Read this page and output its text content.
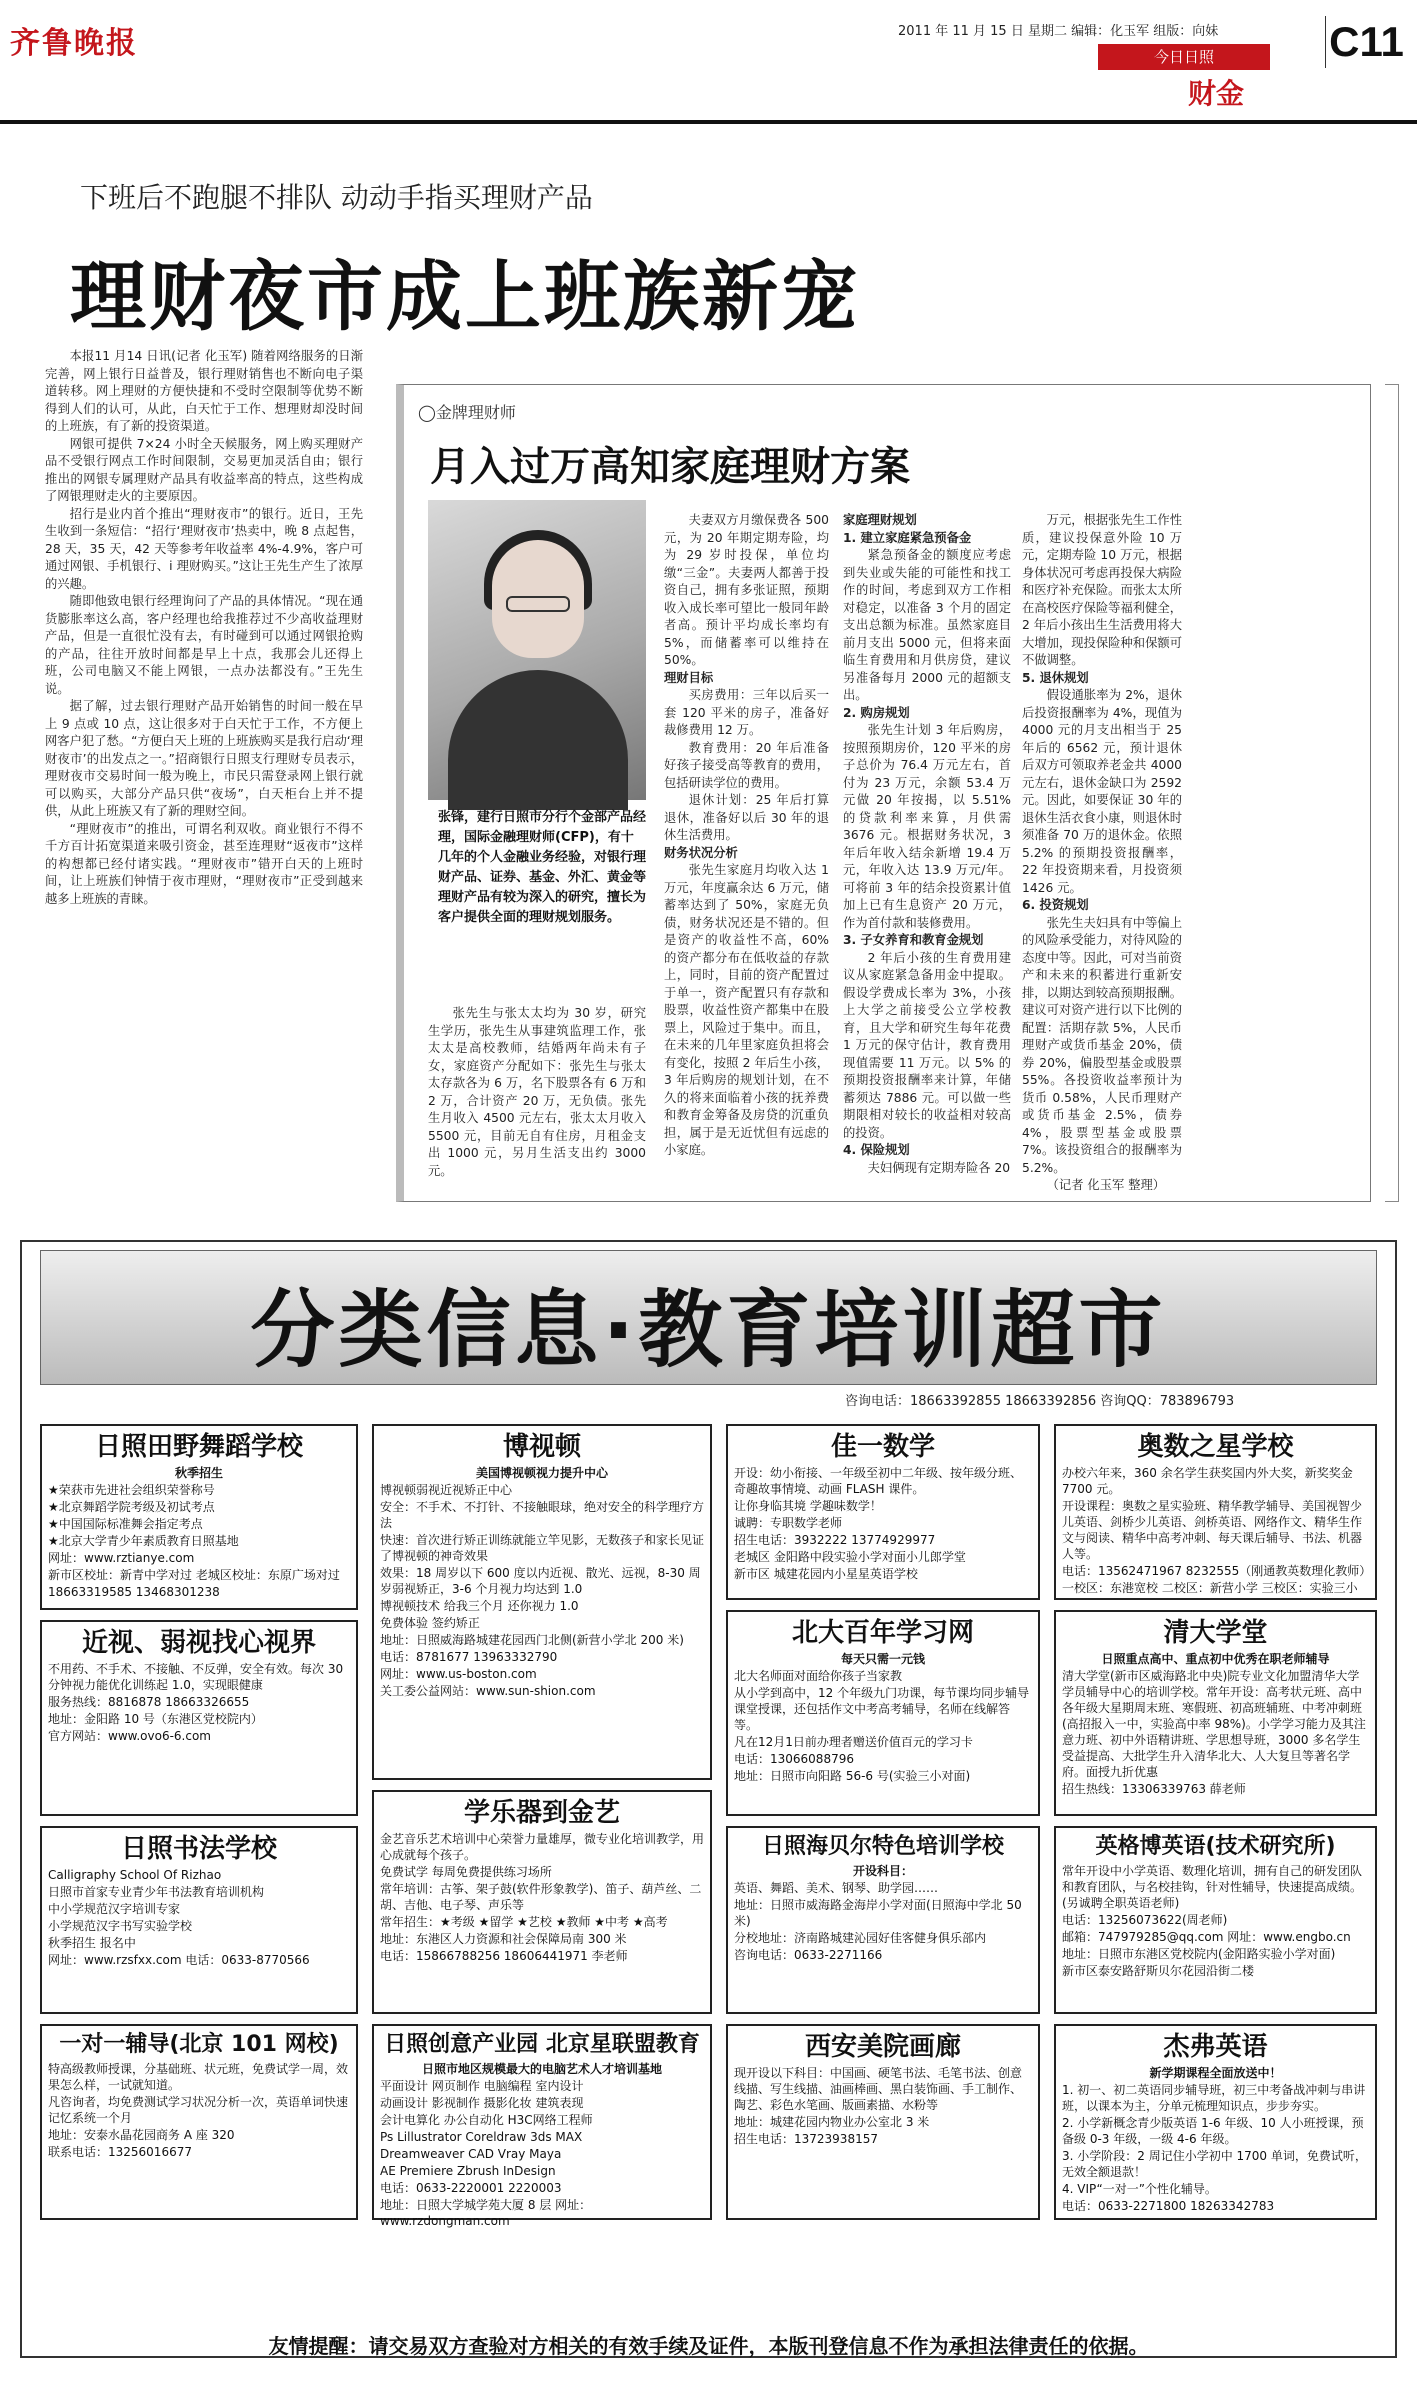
齐鲁晚报	2011 年 11 月 15 日 星期二 编辑：化玉军 组版：向妹	C11
今日日照
财金
下班后不跑腿不排队 动动手指买理财产品
理财夜市成上班族新宠

本报11 月14 日讯(记者 化玉军) 随着网络服务的日渐完善，网上银行日益普及，银行理财销售也不断向电子渠道转移。网上理财的方便快捷和不受时空限制等优势不断得到人们的认可，从此，白天忙于工作、想理财却没时间的上班族，有了新的投资渠道。

网银可提供 7×24 小时全天候服务，网上购买理财产品不受银行网点工作时间限制，交易更加灵活自由；银行推出的网银专属理财产品具有收益率高的特点，这些构成了网银理财走火的主要原因。

招行是业内首个推出“理财夜市”的银行。近日，王先生收到一条短信：“招行‘理财夜市’热卖中，晚 8 点起售，28 天，35 天，42 天等参考年收益率 4%-4.9%，客户可通过网银、手机银行、i 理财购买。”这让王先生产生了浓厚的兴趣。

随即他致电银行经理询问了产品的具体情况。“现在通货膨胀率这么高，客户经理也给我推荐过不少高收益理财产品，但是一直很忙没有去，有时碰到可以通过网银抢购的产品，往往开放时间都是早上十点，我那会儿还得上班，公司电脑又不能上网银，一点办法都没有。”王先生说。

据了解，过去银行理财产品开始销售的时间一般在早上 9 点或 10 点，这让很多对于白天忙于工作，不方便上网客户犯了愁。“方便白天上班的上班族购买是我行启动‘理财夜市’的出发点之一。”招商银行日照支行理财专员表示，理财夜市交易时间一般为晚上，市民只需登录网上银行就可以购买，大部分产品只供“夜场”，白天柜台上并不提供，从此上班族又有了新的理财空间。

“理财夜市”的推出，可谓名利双收。商业银行不得不千方百计拓宽渠道来吸引资金，甚至连理财“返夜市”这样的构想都已经付诸实践。“理财夜市”错开白天的上班时间，让上班族们钟情于夜市理财，“理财夜市”正受到越来越多上班族的青睐。

◯金牌理财师
月入过万高知家庭理财方案
张锋，建行日照市分行个金部产品经理，国际金融理财师(CFP)，有十几年的个人金融业务经验，对银行理财产品、证券、基金、外汇、黄金等理财产品有较为深入的研究，擅长为客户提供全面的理财规划服务。

张先生与张太太均为 30 岁，研究生学历，张先生从事建筑监理工作，张太太是高校教师，结婚两年尚未有子女，家庭资产分配如下：张先生与张太太存款各为 6 万，名下股票各有 6 万和 2 万，合计资产 20 万，无负债。张先生月收入 4500 元左右，张太太月收入 5500 元，目前无自有住房，月租金支出 1000 元，另月生活支出约 3000 元。

夫妻双方月缴保费各 500 元，为 20 年期定期寿险，均为 29 岁时投保，单位均缴“三金”。夫妻两人都善于投资自己，拥有多张证照，预期收入成长率可望比一般同年龄者高。预计平均成长率均有 5%，而储蓄率可以维持在 50%。

理财目标

买房费用：三年以后买一套 120 平米的房子，准备好裁修费用 12 万。

教育费用：20 年后准备好孩子接受高等教育的费用，包括研读学位的费用。

退休计划：25 年后打算退休，准备好以后 30 年的退休生活费用。

财务状况分析

张先生家庭月均收入达 1 万元，年度赢余达 6 万元，储蓄率达到了 50%，家庭无负债，财务状况还是不错的。但是资产的收益性不高，60% 的资产都分布在低收益的存款上，同时，目前的资产配置过于单一，资产配置只有存款和股票，收益性资产都集中在股票上，风险过于集中。而且，在未来的几年里家庭负担将会有变化，按照 2 年后生小孩，3 年后购房的规划计划，在不久的将来面临着小孩的抚养费和教育金筹备及房贷的沉重负担，属于是无近忧但有远虑的小家庭。

家庭理财规划

1. 建立家庭紧急预备金

紧急预备金的额度应考虑到失业或失能的可能性和找工作的时间，考虑到双方工作相对稳定，以准备 3 个月的固定支出总额为标准。虽然家庭目前月支出 5000 元，但将来面临生育费用和月供房贷，建议另准备每月 2000 元的超额支出。

2. 购房规划

张先生计划 3 年后购房，按照预期房价，120 平米的房子总价为 76.4 万元左右，首付为 23 万元，余额 53.4 万元做 20 年按揭，以 5.51% 的贷款利率来算，月供需 3676 元。根据财务状况，3 年后年收入结余新增 19.4 万元，年收入达 13.9 万元/年。可将前 3 年的结余投资累计值加上已有生息资产 20 万元，作为首付款和装修费用。

3. 子女养育和教育金规划

2 年后小孩的生育费用建议从家庭紧急备用金中提取。假设学费成长率为 3%，小孩上大学之前接受公立学校教育，且大学和研究生每年花费 1 万元的保守估计，教育费用现值需要 11 万元。以 5% 的预期投资报酬率来计算，年储蓄须达 7886 元。可以做一些期限相对较长的收益相对较高的投资。

4. 保险规划

夫妇俩现有定期寿险各 20

万元，根据张先生工作性质，建议投保意外险 10 万元，定期寿险 10 万元，根据身体状况可考虑再投保大病险和医疗补充保险。而张太太所在高校医疗保险等福利健全，2 年后小孩出生生活费用将大大增加，现投保险种和保额可不做调整。

5. 退休规划

假设通胀率为 2%，退休后投资报酬率为 4%，现值为 4000 元的月支出相当于 25 年后的 6562 元，预计退休后双方可领取养老金共 4000 元左右，退休金缺口为 2592 元。因此，如要保证 30 年的退休生活衣食小康，则退休时须准备 70 万的退休金。依照 5.2% 的预期投资报酬率，22 年投资期来看，月投资须 1426 元。

6. 投资规划

张先生夫妇具有中等偏上的风险承受能力，对待风险的态度中等。因此，可对当前资产和未来的积蓄进行重新安排，以期达到较高预期报酬。建议可对资产进行以下比例的配置：活期存款 5%，人民币理财产或货币基金 20%，债券 20%，偏股型基金或股票 55%。各投资收益率预计为货币 0.58%，人民币理财产或货币基金 2.5%，债券 4%，股票型基金或股票 7%。该投资组合的报酬率为 5.2%。

（记者 化玉军 整理）

分类信息·教育培训超市
咨询电话：18663392855 18663392856 咨询QQ：783896793
日照田野舞蹈学校

秋季招生

★荣获市先进社会组织荣誉称号

★北京舞蹈学院考级及初试考点

★中国国际标准舞会指定考点

★北京大学青少年素质教育日照基地

网址：www.rztianye.com

新市区校址：新青中学对过 老城区校址：东原广场对过

18663319585 13468301238

博视顿

美国博视顿视力提升中心

博视顿弱视近视矫正中心

安全：不手术、不打针、不接触眼球，绝对安全的科学理疗方法

快速：首次进行矫正训练就能立竿见影，无数孩子和家长见证了博视顿的神奇效果

效果：18 周岁以下 600 度以内近视、散光、远视，8-30 周岁弱视矫正，3-6 个月视力均达到 1.0

博视顿技术 给我三个月 还你视力 1.0

免费体验 签约矫正

地址：日照威海路城建花园西门北侧(新营小学北 200 米)

电话：8781677 13963332790

网址：www.us-boston.com

关工委公益网站：www.sun-shion.com

佳一数学

开设：幼小衔接、一年级至初中二年级、按年级分班、奇趣故事情境、动画 FLASH 课件。

让你身临其境 学趣味数学！

诚聘：专职数学老师

招生电话：3932222 13774929977

老城区 金阳路中段实验小学对面小儿郎学堂

新市区 城建花园内小星星英语学校

奥数之星学校

办校六年来，360 余名学生获奖国内外大奖，新奖奖金 7700 元。

开设课程：奥数之星实验班、精华教学辅导、美国视智少儿英语、剑桥少儿英语、剑桥英语、网络作文、精华生作文与阅读、精华中高考冲刺、每天课后辅导、书法、机器人等。

电话：13562471967 8232555（刚通教英数理化教师）

一校区：东港宽校 二校区：新营小学 三校区：实验三小

近视、弱视找心视界

不用药、不手术、不接触、不反弹，安全有效。每次 30 分钟视力能优化训练起 1.0，实现眼健康

服务热线：8816878 18663326655

地址：金阳路 10 号（东港区党校院内）

官方网站：www.ovo6-6.com

北大百年学习网

每天只需一元钱

北大名师面对面给你孩子当家教

从小学到高中，12 个年级九门功课，每节课均同步辅导课堂授课，还包括作文中考高考辅导，名师在线解答等。

凡在12月1日前办理者赠送价值百元的学习卡

电话：13066088796

地址：日照市向阳路 56-6 号(实验三小对面)

清大学堂

日照重点高中、重点初中优秀在职老师辅导

清大学堂(新市区威海路北中央)院专业文化加盟清华大学学员辅导中心的培训学校。常年开设：高考状元班、高中各年级大星期周末班、寒假班、初高班辅班、中考冲刺班(高招报入一中，实验高中率 98%)。小学学习能力及其注意力班、初中外语精讲班、学思想导班，3000 多名学生受益提高、大批学生升入清华北大、人大复旦等著名学府。面授九折优惠

招生热线：13306339763 薛老师

日照书法学校

Calligraphy School Of Rizhao

日照市首家专业青少年书法教育培训机构

中小学规范汉字培训专家

小学规范汉字书写实验学校

秋季招生 报名中

网址：www.rzsfxx.com 电话：0633-8770566

学乐器到金艺

金艺音乐艺术培训中心荣誉力量雄厚，微专业化培训教学，用心成就每个孩子。

免费试学 每周免费提供练习场所

常年培训：古筝、架子鼓(软件形象教学)、笛子、葫芦丝、二胡、吉他、电子琴、声乐等

常年招生：★考级 ★留学 ★艺校 ★教师 ★中考 ★高考

地址：东港区人力资源和社会保障局南 300 米

电话：15866788256 18606441971 李老师

日照海贝尔特色培训学校

开设科目：

英语、舞蹈、美术、钢琴、助学园……

地址：日照市威海路金海岸小学对面(日照海中学北 50 米)

分校地址：济南路城建沁园好佳客健身俱乐部内

咨询电话：0633-2271166

英格博英语(技术研究所)

常年开设中小学英语、数理化培训，拥有自己的研发团队和教育团队，与名校挂钩，针对性辅导，快速提高成绩。(另诚聘全职英语老师)

电话：13256073622(周老师)

邮箱：747979285@qq.com 网址：www.engbo.cn

地址：日照市东港区党校院内(金阳路实验小学对面)

新市区泰安路舒斯贝尔花园沿街二楼

一对一辅导(北京 101 网校)

特高级教师授课，分基础班、状元班，免费试学一周，效果怎么样，一试就知道。

凡咨询者，均免费测试学习状况分析一次，英语单词快速记忆系统一个月

地址：安泰水晶花园商务 A 座 320

联系电话：13256016677

日照创意产业园 北京星联盟教育

日照市地区规模最大的电脑艺术人才培训基地

平面设计 网页制作 电脑编程 室内设计

动画设计 影视制作 摄影化妆 建筑表现

会计电算化 办公自动化 H3C网络工程师

Ps Lillustrator Coreldraw 3ds MAX

Dreamweaver CAD Vray Maya

AE Premiere Zbrush InDesign

电话：0633-2220001 2220003

地址：日照大学城学苑大厦 8 层 网址：www.rzdongman.com

西安美院画廊

现开设以下科目：中国画、硬笔书法、毛笔书法、创意线描、写生线描、油画棒画、黑白装饰画、手工制作、陶艺、彩色水笔画、版画素描、水粉等

地址：城建花园内物业办公室北 3 米

招生电话：13723938157

杰弗英语

新学期课程全面放送中！

1. 初一、初二英语同步辅导班，初三中考备战冲刺与串讲班，以课本为主，分单元梳理知识点，步步夯实。

2. 小学新概念青少版英语 1-6 年级、10 人小班授课，预备级 0-3 年级，一级 4-6 年级。

3. 小学阶段：2 周记住小学初中 1700 单词，免费试听，无效全额退款！

4. VIP“一对一”个性化辅导。

电话：0633-2271800 18263342783

友情提醒：请交易双方查验对方相关的有效手续及证件，本版刊登信息不作为承担法律责任的依据。
